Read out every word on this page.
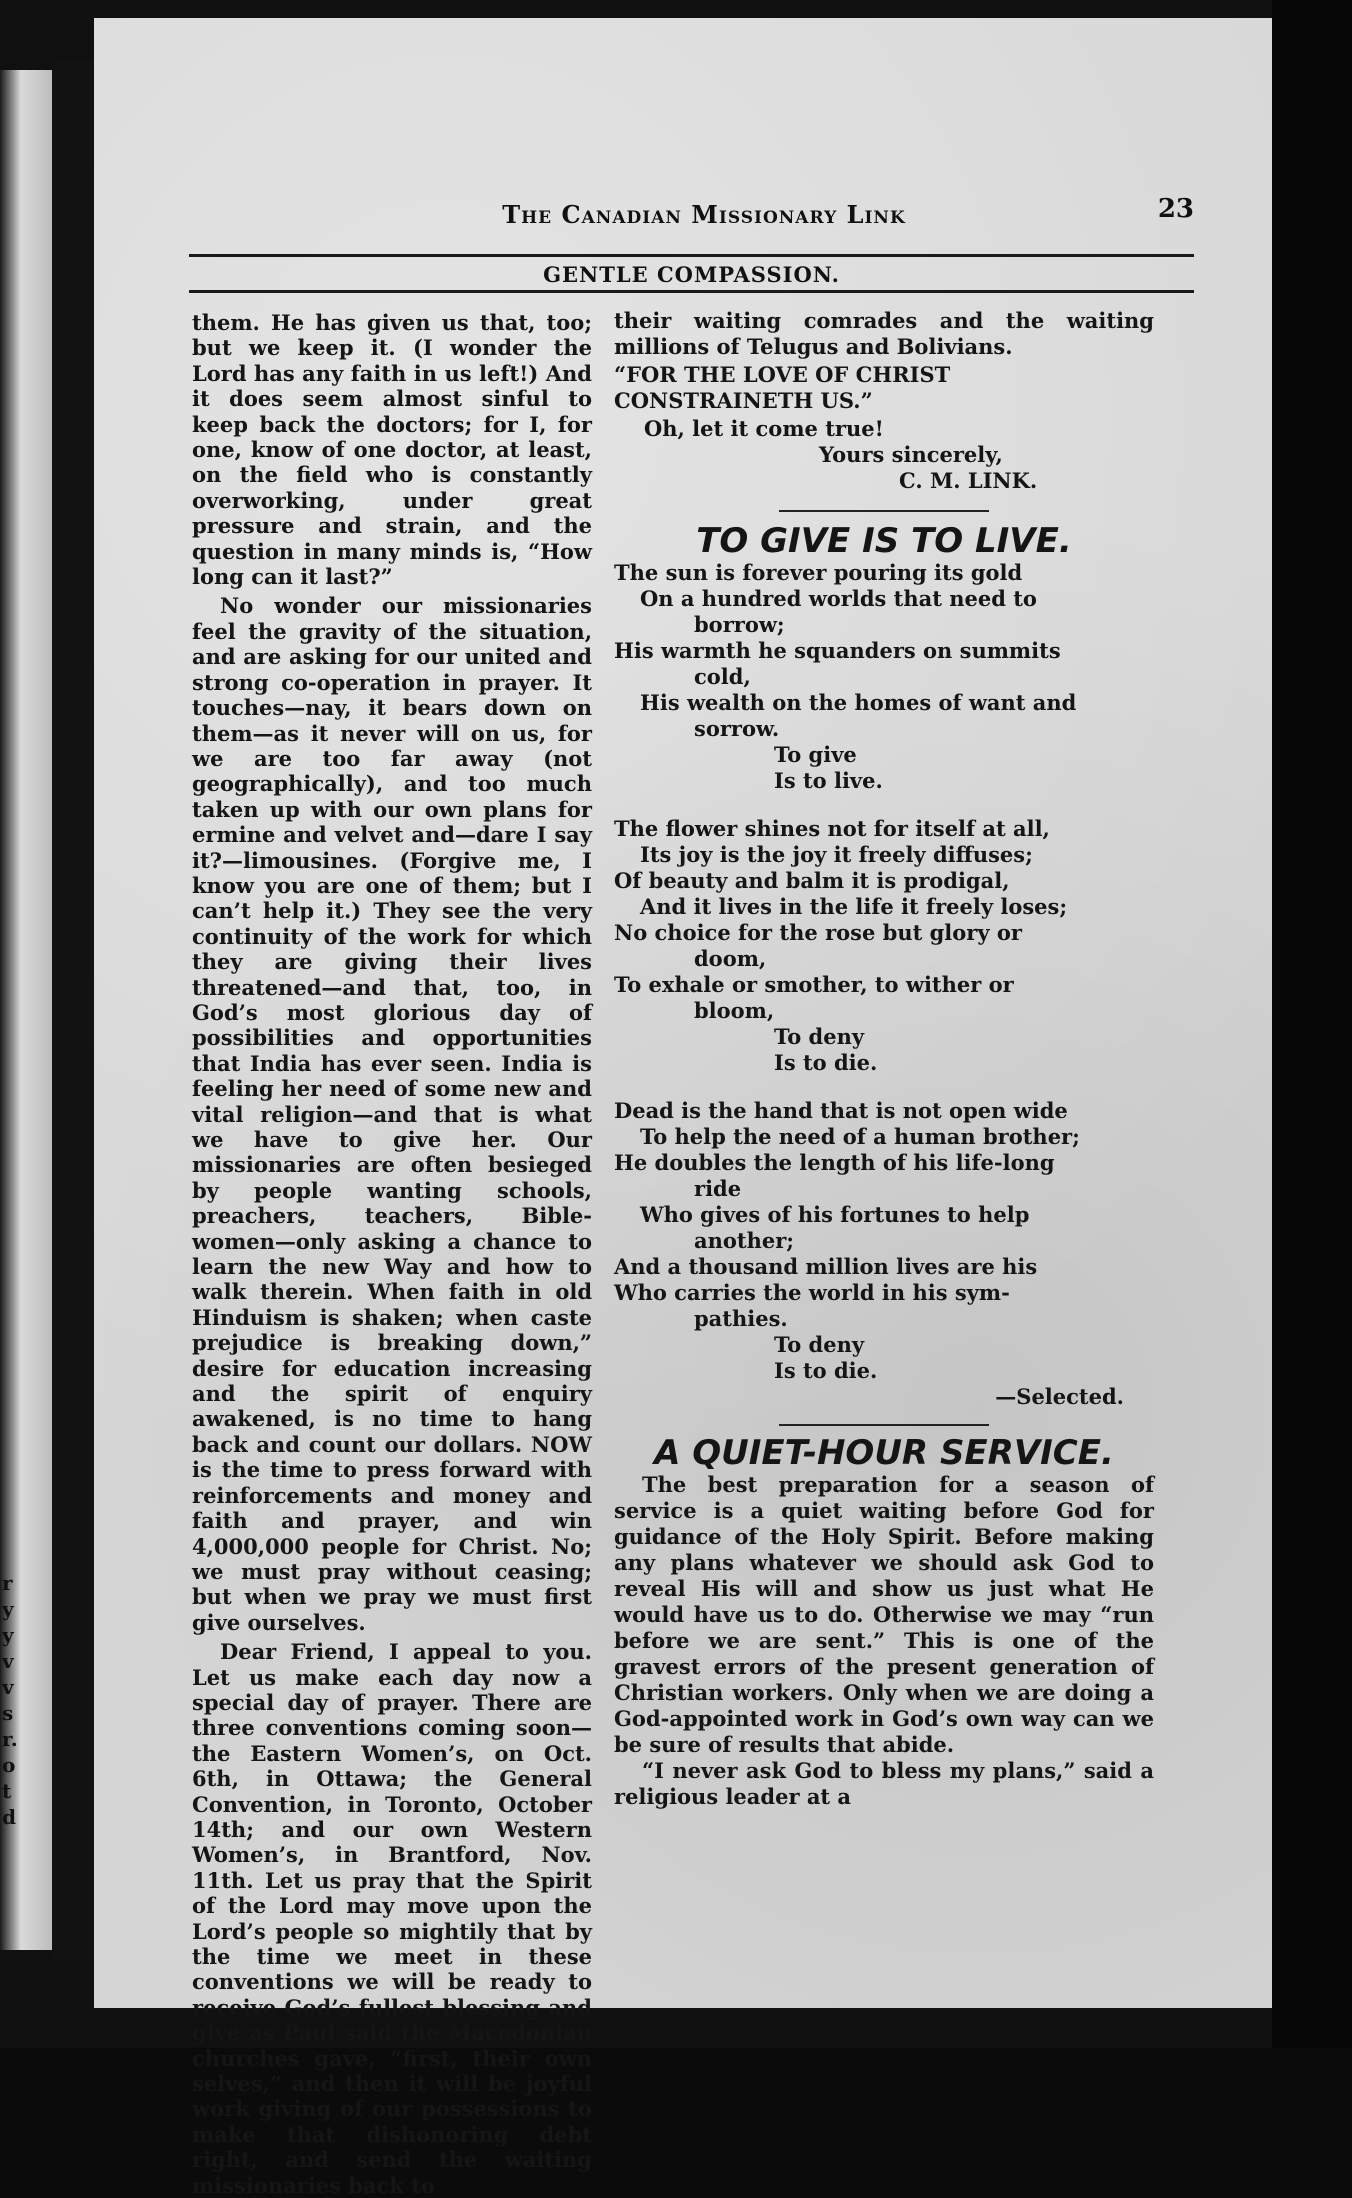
r
y
y
v
v
s
r.
o
t
d
The Canadian Missionary Link	23
GENTLE COMPASSION.

them. He has given us that, too; but we keep it. (I wonder the Lord has any faith in us left!) And it does seem almost sinful to keep back the doctors; for I, for one, know of one doctor, at least, on the field who is constantly overworking, under great pressure and strain, and the question in many minds is, “How long can it last?”

No wonder our missionaries feel the gravity of the situation, and are asking for our united and strong co-operation in prayer. It touches—nay, it bears down on them—as it never will on us, for we are too far away (not geographically), and too much taken up with our own plans for ermine and velvet and—dare I say it?—limousines. (Forgive me, I know you are one of them; but I can’t help it.) They see the very continuity of the work for which they are giving their lives threatened—and that, too, in God’s most glorious day of possibilities and opportunities that India has ever seen. India is feeling her need of some new and vital religion—and that is what we have to give her. Our missionaries are often besieged by people wanting schools, preachers, teachers, Bible-women—only asking a chance to learn the new Way and how to walk therein. When faith in old Hinduism is shaken; when caste prejudice is breaking down,” desire for education increasing and the spirit of enquiry awakened, is no time to hang back and count our dollars. NOW is the time to press forward with reinforcements and money and faith and prayer, and win 4,000,000 people for Christ. No; we must pray without ceasing; but when we pray we must first give ourselves.

Dear Friend, I appeal to you. Let us make each day now a special day of prayer. There are three conventions coming soon—the Eastern Women’s, on Oct. 6th, in Ottawa; the General Convention, in Toronto, October 14th; and our own Western Women’s, in Brantford, Nov. 11th. Let us pray that the Spirit of the Lord may move upon the Lord’s people so mightily that by the time we meet in these conventions we will be ready to receive God’s fullest blessing and give as Paul said the Macedonian churches gave, “first, their own selves,” and then it will be joyful work giving of our possessions to make that dishonoring debt right, and send the waiting missionaries back to

their waiting comrades and the waiting millions of Telugus and Bolivians.

“FOR THE LOVE OF CHRIST CONSTRAINETH US.”

Oh, let it come true!

Yours sincerely,

C. M. LINK.

TO GIVE IS TO LIVE.

The sun is forever pouring its gold

On a hundred worlds that need to

borrow;

His warmth he squanders on summits

cold,

His wealth on the homes of want and

sorrow.

To give

Is to live.

The flower shines not for itself at all,

Its joy is the joy it freely diffuses;

Of beauty and balm it is prodigal,

And it lives in the life it freely loses;

No choice for the rose but glory or

doom,

To exhale or smother, to wither or

bloom,

To deny

Is to die.

Dead is the hand that is not open wide

To help the need of a human brother;

He doubles the length of his life-long

ride

Who gives of his fortunes to help

another;

And a thousand million lives are his

Who carries the world in his sym-

pathies.

To deny

Is to die.

—Selected.

A QUIET-HOUR SERVICE.

The best preparation for a season of service is a quiet waiting before God for guidance of the Holy Spirit. Before making any plans whatever we should ask God to reveal His will and show us just what He would have us to do. Otherwise we may “run before we are sent.” This is one of the gravest errors of the present generation of Christian workers. Only when we are doing a God-appointed work in God’s own way can we be sure of results that abide.

“I never ask God to bless my plans,” said a religious leader at a
